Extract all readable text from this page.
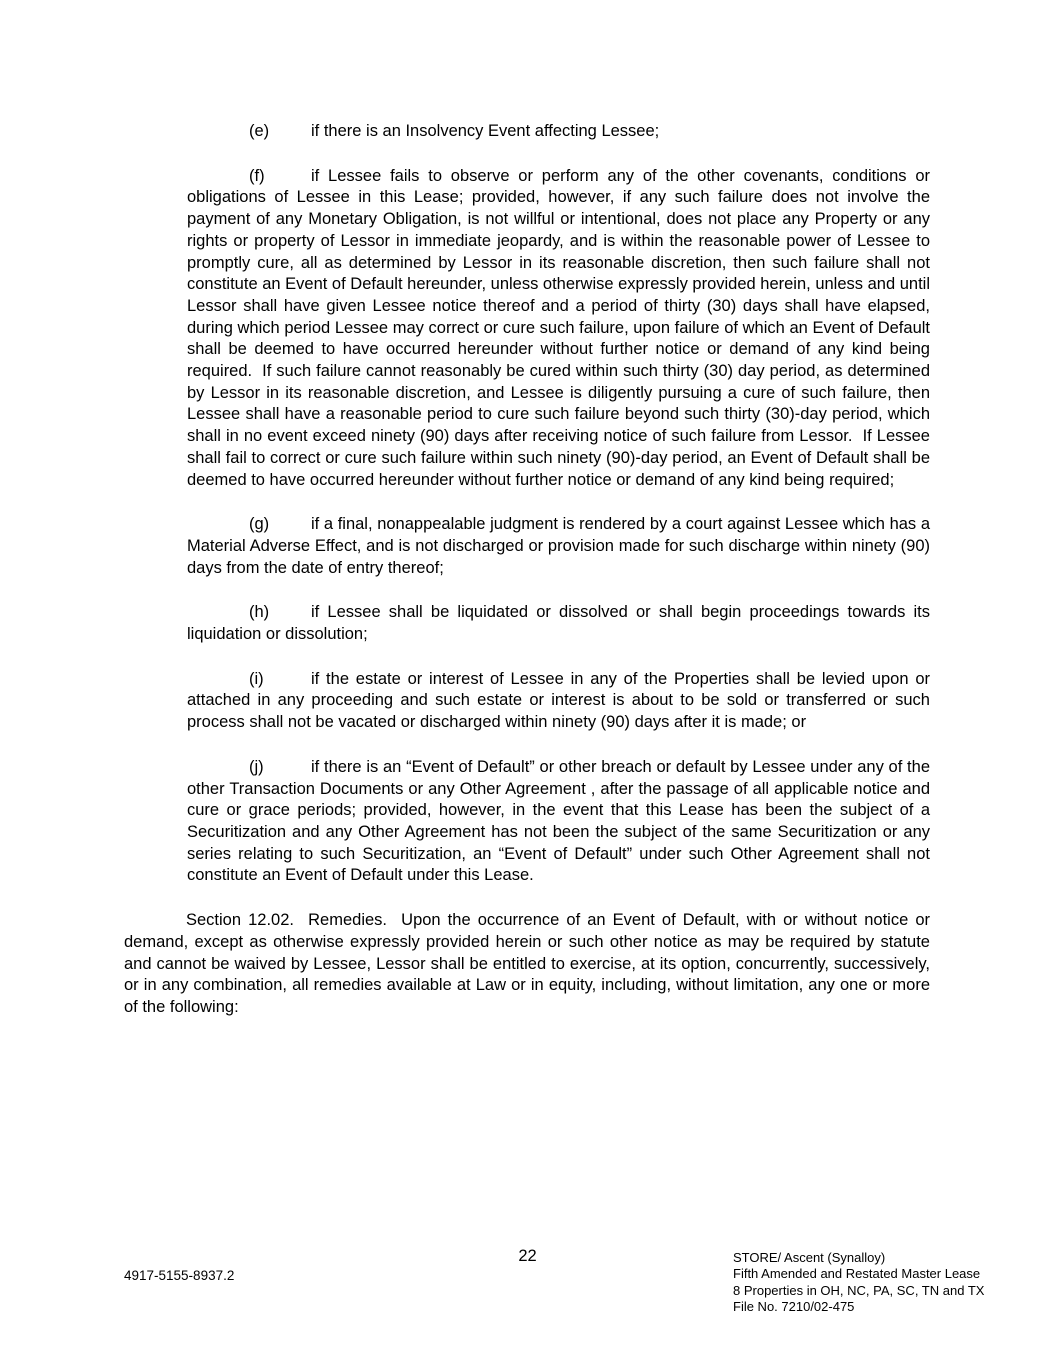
(e)	if there is an Insolvency Event affecting Lessee;

(f)	if Lessee fails to observe or perform any of the other covenants, conditions or obligations of Lessee in this Lease; provided, however, if any such failure does not involve the payment of any Monetary Obligation, is not willful or intentional, does not place any Property or any rights or property of Lessor in immediate jeopardy, and is within the reasonable power of Lessee to promptly cure, all as determined by Lessor in its reasonable discretion, then such failure shall not constitute an Event of Default hereunder, unless otherwise expressly provided herein, unless and until Lessor shall have given Lessee notice thereof and a period of thirty (30) days shall have elapsed, during which period Lessee may correct or cure such failure, upon failure of which an Event of Default shall be deemed to have occurred hereunder without further notice or demand of any kind being required.  If such failure cannot reasonably be cured within such thirty (30) day period, as determined by Lessor in its reasonable discretion, and Lessee is diligently pursuing a cure of such failure, then Lessee shall have a reasonable period to cure such failure beyond such thirty (30)-day period, which shall in no event exceed ninety (90) days after receiving notice of such failure from Lessor.  If Lessee shall fail to correct or cure such failure within such ninety (90)-day period, an Event of Default shall be deemed to have occurred hereunder without further notice or demand of any kind being required;

(g)	if a final, nonappealable judgment is rendered by a court against Lessee which has a Material Adverse Effect, and is not discharged or provision made for such discharge within ninety (90) days from the date of entry thereof;

(h)	if Lessee shall be liquidated or dissolved or shall begin proceedings towards its liquidation or dissolution;

(i)	if the estate or interest of Lessee in any of the Properties shall be levied upon or attached in any proceeding and such estate or interest is about to be sold or transferred or such process shall not be vacated or discharged within ninety (90) days after it is made; or

(j)	if there is an “Event of Default” or other breach or default by Lessee under any of the other Transaction Documents or any Other Agreement , after the passage of all applicable notice and cure or grace periods; provided, however, in the event that this Lease has been the subject of a Securitization and any Other Agreement has not been the subject of the same Securitization or any series relating to such Securitization, an “Event of Default” under such Other Agreement shall not constitute an Event of Default under this Lease.

Section 12.02.  Remedies.  Upon the occurrence of an Event of Default, with or without notice or demand, except as otherwise expressly provided herein or such other notice as may be required by statute and cannot be waived by Lessee, Lessor shall be entitled to exercise, at its option, concurrently, successively, or in any combination, all remedies available at Law or in equity, including, without limitation, any one or more of the following:

4917-5155-8937.2
22	STORE/ Ascent (Synalloy)
Fifth Amended and Restated Master Lease
8 Properties in OH, NC, PA, SC, TN and TX
File No. 7210/02-475
